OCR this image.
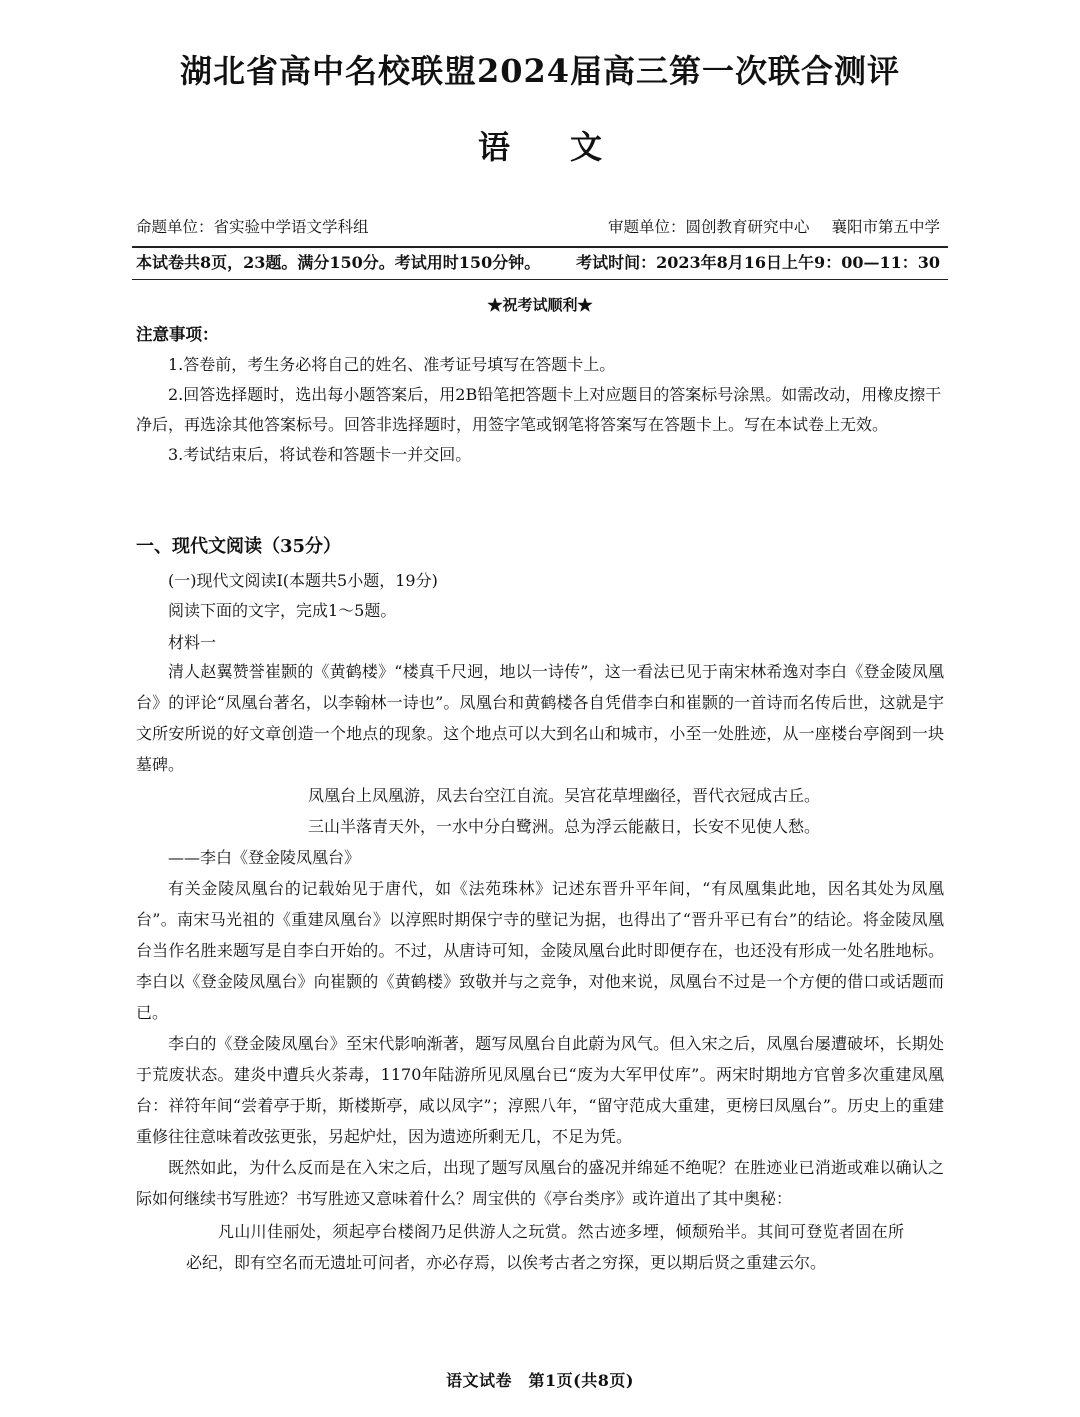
湖北省高中名校联盟2024届高三第一次联合测评
语文
命题单位：省实验中学语文学科组	审题单位：圆创教育研究中心 襄阳市第五中学
本试卷共8页，23题。满分150分。考试用时150分钟。 考试时间：2023年8月16日上午9：00—11：30
★祝考试顺利★
注意事项：

1.答卷前，考生务必将自己的姓名、准考证号填写在答题卡上。

2.回答选择题时，选出每小题答案后，用2B铅笔把答题卡上对应题目的答案标号涂黑。如需改动，用橡皮擦干净后，再选涂其他答案标号。回答非选择题时，用签字笔或钢笔将答案写在答题卡上。写在本试卷上无效。

3.考试结束后，将试卷和答题卡一并交回。

一、现代文阅读（35分）
(一)现代文阅读Ⅰ(本题共5小题，19分)
阅读下面的文字，完成1～5题。
材料一

清人赵翼赞誉崔颢的《黄鹤楼》“楼真千尺迥，地以一诗传”，这一看法已见于南宋林希逸对李白《登金陵凤凰台》的评论“凤凰台著名，以李翰林一诗也”。凤凰台和黄鹤楼各自凭借李白和崔颢的一首诗而名传后世，这就是宇文所安所说的好文章创造一个地点的现象。这个地点可以大到名山和城市，小至一处胜迹，从一座楼台亭阁到一块墓碑。

凤凰台上凤凰游，凤去台空江自流。吴宫花草埋幽径，晋代衣冠成古丘。

三山半落青天外，一水中分白鹭洲。总为浮云能蔽日，长安不见使人愁。

——李白《登金陵凤凰台》

有关金陵凤凰台的记载始见于唐代，如《法苑珠林》记述东晋升平年间，“有凤凰集此地，因名其处为凤凰台”。南宋马光祖的《重建凤凰台》以淳熙时期保宁寺的壁记为据，也得出了“晋升平已有台”的结论。将金陵凤凰台当作名胜来题写是自李白开始的。不过，从唐诗可知，金陵凤凰台此时即便存在，也还没有形成一处名胜地标。李白以《登金陵凤凰台》向崔颢的《黄鹤楼》致敬并与之竞争，对他来说，凤凰台不过是一个方便的借口或话题而已。

李白的《登金陵凤凰台》至宋代影响渐著，题写凤凰台自此蔚为风气。但入宋之后，凤凰台屡遭破坏，长期处于荒废状态。建炎中遭兵火荼毒，1170年陆游所见凤凰台已“废为大军甲仗库”。两宋时期地方官曾多次重建凤凰台：祥符年间“尝着亭于斯，斯楼斯亭，咸以凤字”；淳熙八年，“留守范成大重建，更榜曰凤凰台”。历史上的重建重修往往意味着改弦更张，另起炉灶，因为遗迹所剩无几，不足为凭。

既然如此，为什么反而是在入宋之后，出现了题写凤凰台的盛况并绵延不绝呢？在胜迹业已消逝或难以确认之际如何继续书写胜迹？书写胜迹又意味着什么？周宝供的《亭台类序》或许道出了其中奥秘：

凡山川佳丽处，须起亭台楼阁乃足供游人之玩赏。然古迹多堙，倾颓殆半。其间可登览者固在所必纪，即有空名而无遗址可问者，亦必存焉，以俟考古者之穷探，更以期后贤之重建云尔。

语文试卷　第1页(共8页)
